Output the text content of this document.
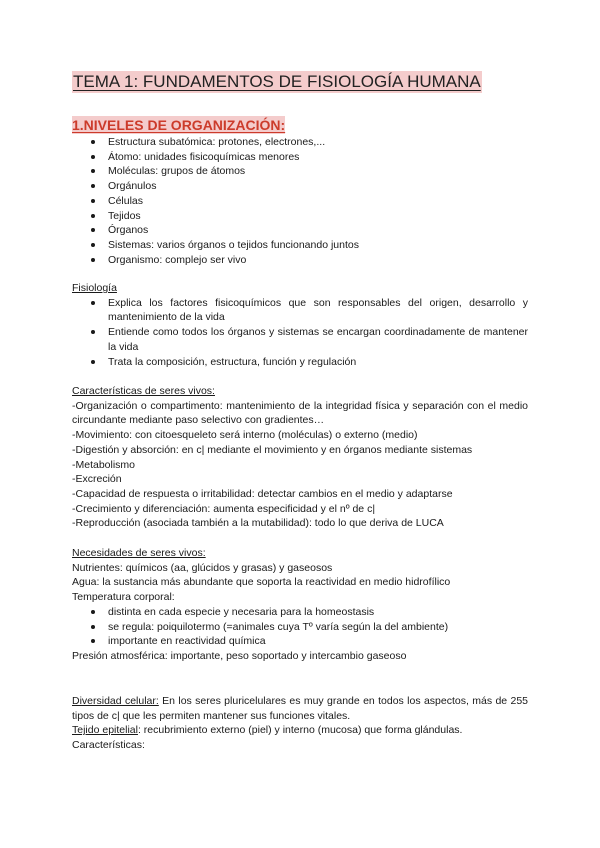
TEMA 1: FUNDAMENTOS DE FISIOLOGÍA HUMANA
1.NIVELES DE ORGANIZACIÓN:
Estructura subatómica: protones, electrones,...
Átomo: unidades fisicoquímicas menores
Moléculas: grupos de átomos
Orgánulos
Células
Tejidos
Órganos
Sistemas: varios órganos o tejidos funcionando juntos
Organismo: complejo ser vivo

Fisiología

Explica los factores fisicoquímicos que son responsables del origen, desarrollo y mantenimiento de la vida
Entiende como todos los órganos y sistemas se encargan coordinadamente de mantener la vida
Trata la composición, estructura, función y regulación

Características de seres vivos:

-Organización o compartimento: mantenimiento de la integridad física y separación con el medio circundante mediante paso selectivo con gradientes…

-Movimiento: con citoesqueleto será interno (moléculas) o externo (medio)

-Digestión y absorción: en c| mediante el movimiento y en órganos mediante sistemas

-Metabolismo

-Excreción

-Capacidad de respuesta o irritabilidad: detectar cambios en el medio y adaptarse

-Crecimiento y diferenciación: aumenta especificidad y el nº de c|

-Reproducción (asociada también a la mutabilidad): todo lo que deriva de LUCA

Necesidades de seres vivos:

Nutrientes: químicos (aa, glúcidos y grasas) y gaseosos

Agua: la sustancia más abundante que soporta la reactividad en medio hidrofílico

Temperatura corporal:

distinta en cada especie y necesaria para la homeostasis
se regula: poiquilotermo (=animales cuya Tº varía según la del ambiente)
importante en reactividad química

Presión atmosférica: importante, peso soportado y intercambio gaseoso

Diversidad celular: En los seres pluricelulares es muy grande en todos los aspectos, más de 255 tipos de c| que les permiten mantener sus funciones vitales.

Tejido epitelial: recubrimiento externo (piel) y interno (mucosa) que forma glándulas.

Características:
